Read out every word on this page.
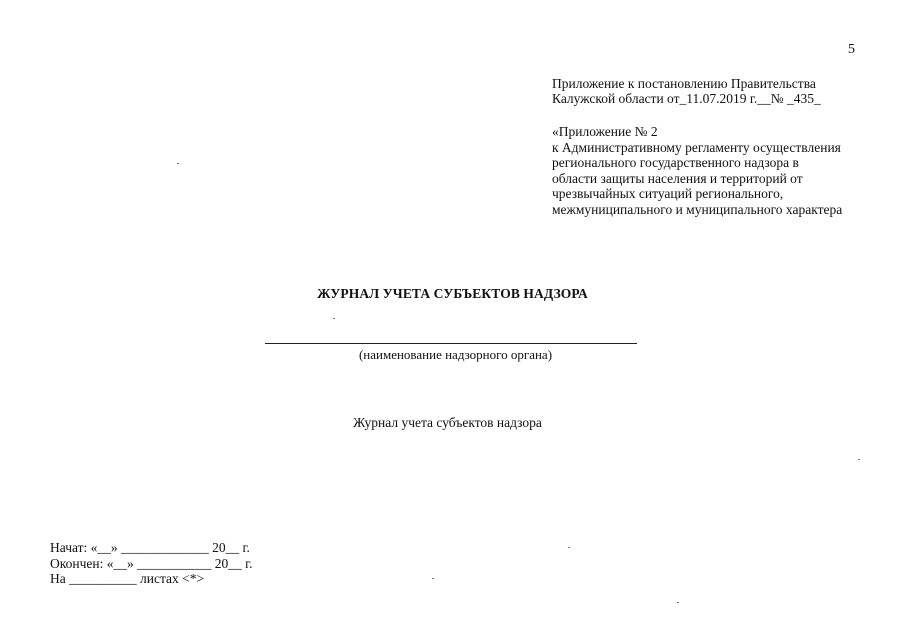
5
Приложение к постановлению Правительства
Калужской области от_11.07.2019 г.__№ _435_
«Приложение № 2
к Административному регламенту осуществления
регионального государственного надзора в
области защиты населения и территорий от
чрезвычайных ситуаций регионального,
межмуниципального и муниципального характера
ЖУРНАЛ УЧЕТА СУБЪЕКТОВ НАДЗОРА
(наименование надзорного органа)
Журнал учета субъектов надзора
Начат: «__» _____________ 20__ г.
Окончен: «__» ___________ 20__ г.
На __________ листах <*>
